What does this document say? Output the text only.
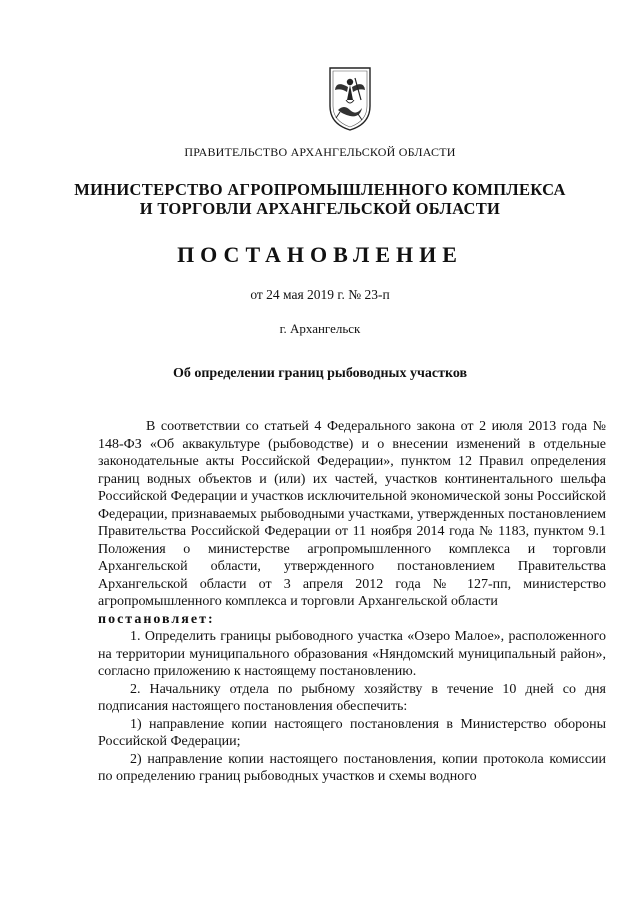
ПРАВИТЕЛЬСТВО АРХАНГЕЛЬСКОЙ ОБЛАСТИ
МИНИСТЕРСТВО АГРОПРОМЫШЛЕННОГО КОМПЛЕКСА
И ТОРГОВЛИ АРХАНГЕЛЬСКОЙ ОБЛАСТИ
ПОСТАНОВЛЕНИЕ
от 24 мая 2019 г. № 23-п
г. Архангельск
Об определении границ рыбоводных участков

В соответствии со статьей 4 Федерального закона от 2 июля 2013 года № 148-ФЗ «Об аквакультуре (рыбоводстве) и о внесении изменений в отдельные законодательные акты Российской Федерации», пунктом 12 Правил определения границ водных объектов и (или) их частей, участков континентального шельфа Российской Федерации и участков исключительной экономической зоны Российской Федерации, признаваемых рыбоводными участками, утвержденных постановлением Правительства Российской Федерации от 11 ноября 2014 года № 1183, пунктом 9.1 Положения о министерстве агропромышленного комплекса и торговли Архангельской области, утвержденного постановлением Правительства Архангельской области от 3 апреля 2012 года № 127-пп, министерство агропромышленного комплекса и торговли Архангельской области

постановляет:

1. Определить границы рыбоводного участка «Озеро Малое», расположенного на территории муниципального образования «Няндомский муниципальный район», согласно приложению к настоящему постановлению.

2. Начальнику отдела по рыбному хозяйству в течение 10 дней со дня подписания настоящего постановления обеспечить:

1) направление копии настоящего постановления в Министерство обороны Российской Федерации;

2) направление копии настоящего постановления, копии протокола комиссии по определению границ рыбоводных участков и схемы водного
